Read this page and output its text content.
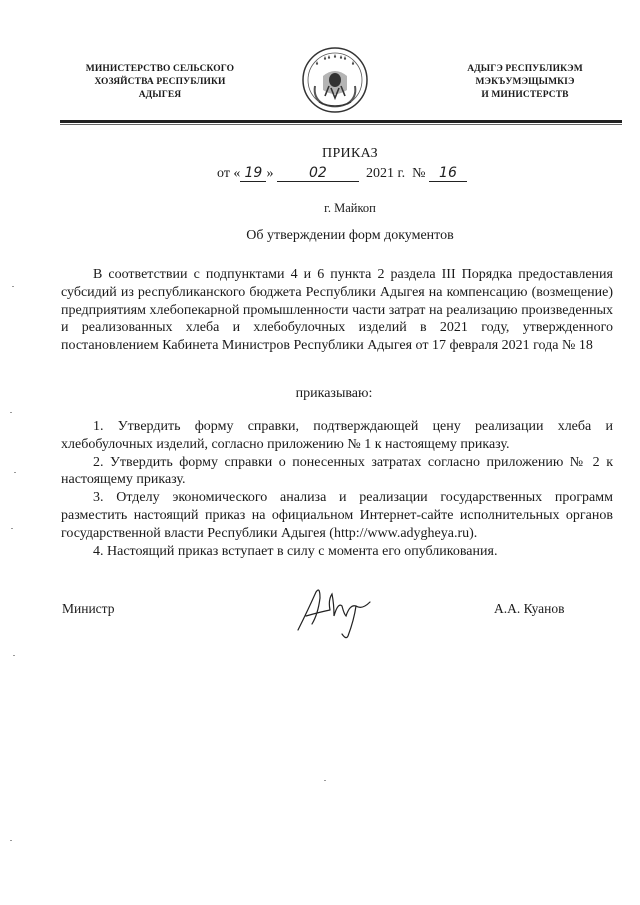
МИНИСТЕРСТВО СЕЛЬСКОГО
ХОЗЯЙСТВА РЕСПУБЛИКИ
АДЫГЕЯ
АДЫГЭ РЕСПУБЛИКЭМ
МЭКЪУМЭЩЫМКІЭ
И МИНИСТЕРСТВ
ПРИКАЗ
от « 19 »	02	2021 г. № 16
г. Майкоп
Об утверждении форм документов
В соответствии с подпунктами 4 и 6 пункта 2 раздела III Порядка предоставления субсидий из республиканского бюджета Республики Адыгея на компенсацию (возмещение) предприятиям хлебопекарной промышленности части затрат на реализацию произведенных и реализованных хлеба и хлебобулочных изделий в 2021 году, утвержденного постановлением Кабинета Министров Республики Адыгея от 17 февраля 2021 года № 18
приказываю:

1. Утвердить форму справки, подтверждающей цену реализации хлеба и хлебобулочных изделий, согласно приложению № 1 к настоящему приказу.

2. Утвердить форму справки о понесенных затратах согласно приложению № 2 к настоящему приказу.

3. Отделу экономического анализа и реализации государственных программ разместить настоящий приказ на официальном Интернет-сайте исполнительных органов государственной власти Республики Адыгея (http://www.adygheya.ru).

4. Настоящий приказ вступает в силу с момента его опубликования.

Министр	А.А. Куанов
